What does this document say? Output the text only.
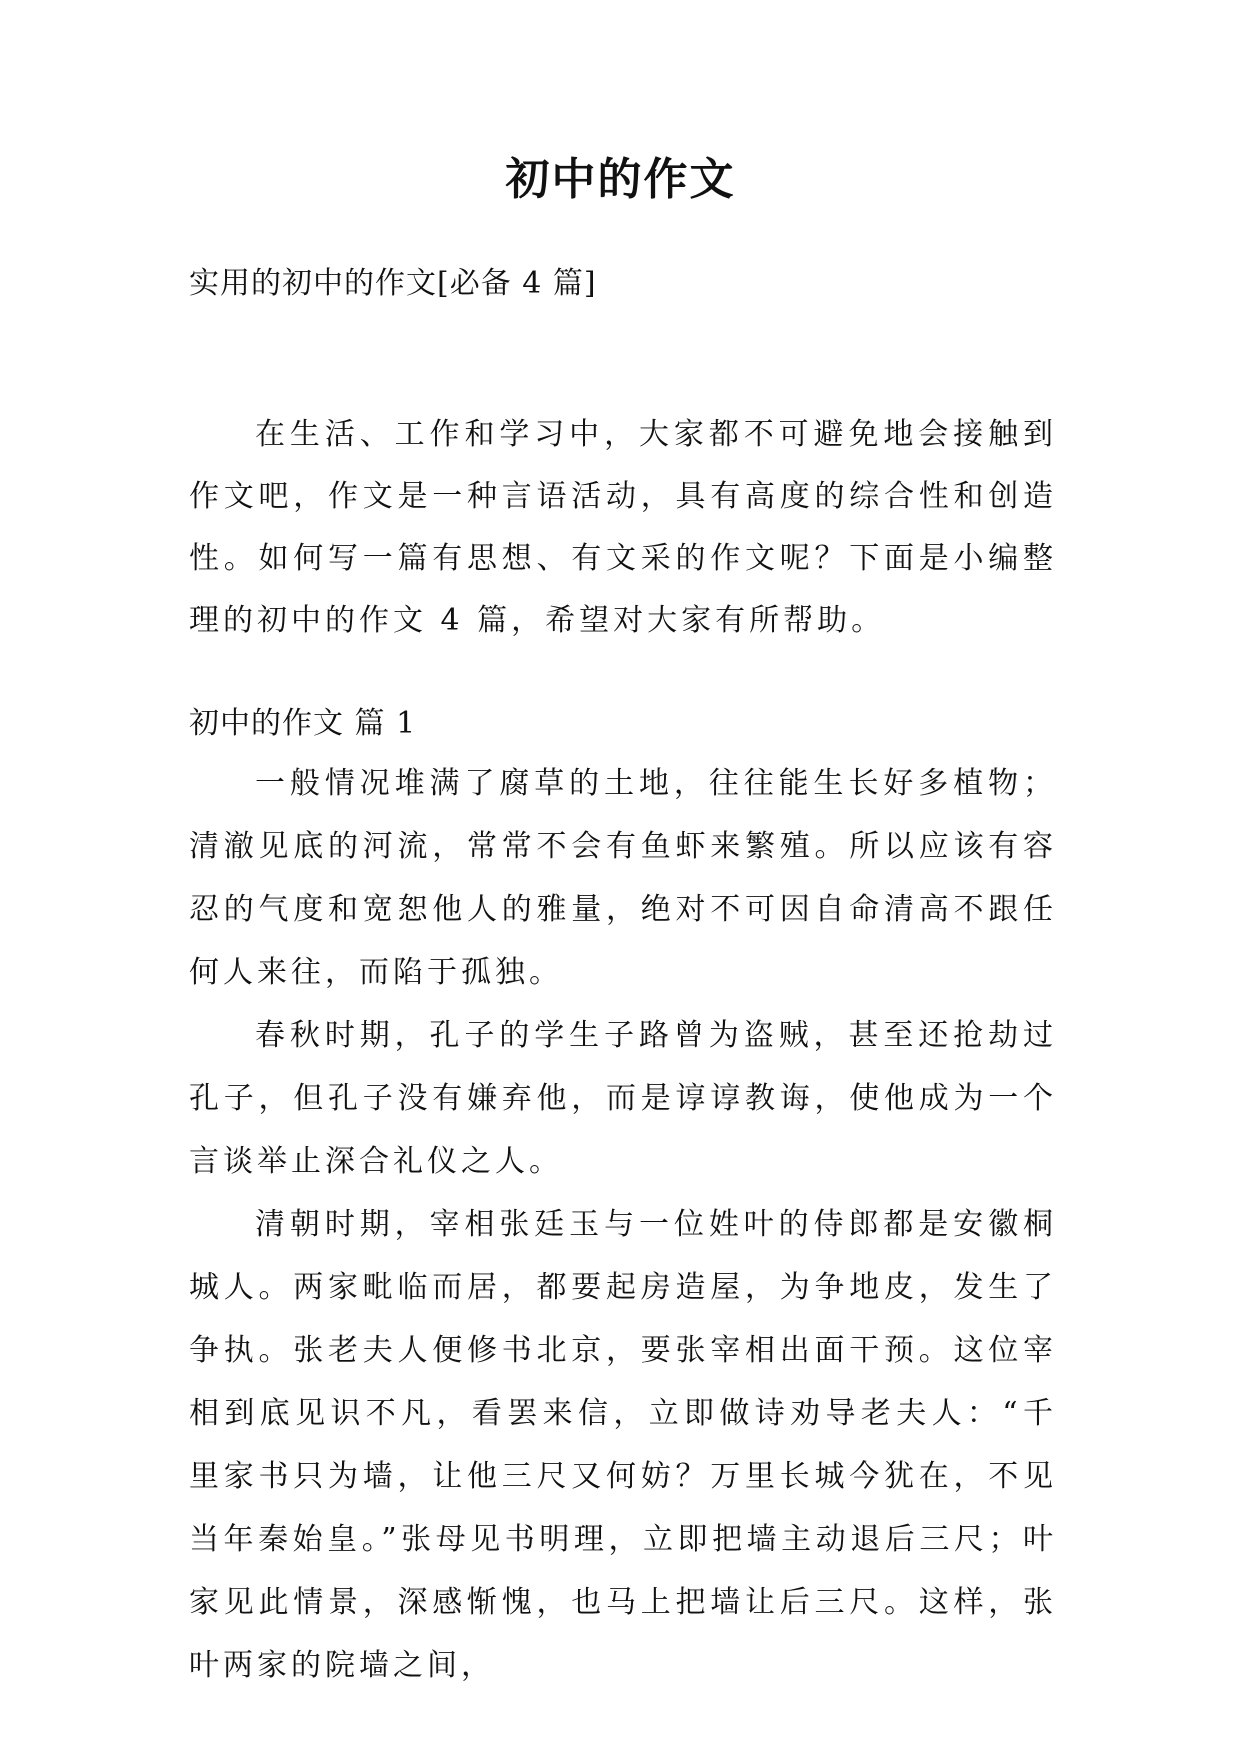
初中的作文

实用的初中的作文[必备 4 篇]

在生活、工作和学习中，大家都不可避免地会接触到作文吧，作文是一种言语活动，具有高度的综合性和创造性。如何写一篇有思想、有文采的作文呢？下面是小编整理的初中的作文 4 篇，希望对大家有所帮助。

初中的作文 篇 1

一般情况堆满了腐草的土地，往往能生长好多植物；清澈见底的河流，常常不会有鱼虾来繁殖。所以应该有容忍的气度和宽恕他人的雅量，绝对不可因自命清高不跟任何人来往，而陷于孤独。

春秋时期，孔子的学生子路曾为盗贼，甚至还抢劫过孔子，但孔子没有嫌弃他，而是谆谆教诲，使他成为一个言谈举止深合礼仪之人。

清朝时期，宰相张廷玉与一位姓叶的侍郎都是安徽桐城人。两家毗临而居，都要起房造屋，为争地皮，发生了争执。张老夫人便修书北京，要张宰相出面干预。这位宰相到底见识不凡，看罢来信，立即做诗劝导老夫人：“千里家书只为墙，让他三尺又何妨？万里长城今犹在，不见当年秦始皇。”张母见书明理，立即把墙主动退后三尺；叶家见此情景，深感惭愧，也马上把墙让后三尺。这样，张叶两家的院墙之间，
